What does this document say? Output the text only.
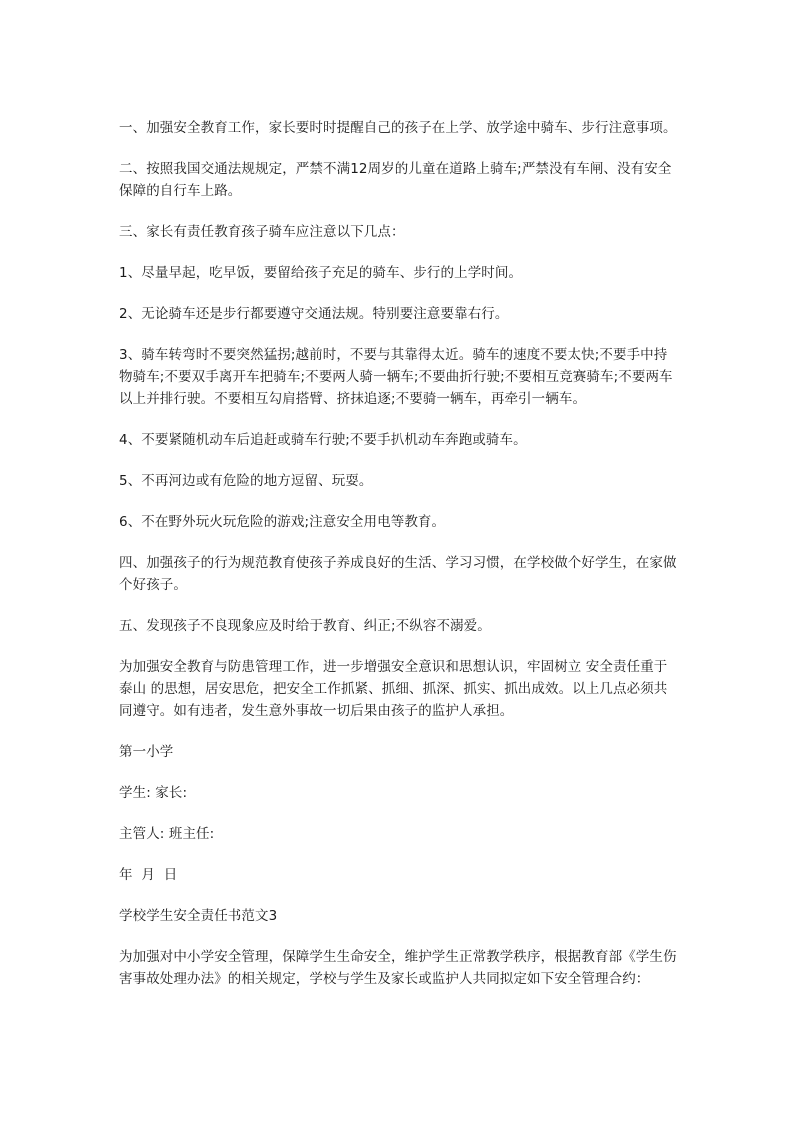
一、加强安全教育工作，家长要时时提醒自己的孩子在上学、放学途中骑车、步行注意事项。

二、按照我国交通法规规定，严禁不满12周岁的儿童在道路上骑车;严禁没有车闸、没有安全保障的自行车上路。

三、家长有责任教育孩子骑车应注意以下几点：

1、尽量早起，吃早饭，要留给孩子充足的骑车、步行的上学时间。

2、无论骑车还是步行都要遵守交通法规。特别要注意要靠右行。

3、骑车转弯时不要突然猛拐;越前时，不要与其靠得太近。骑车的速度不要太快;不要手中持物骑车;不要双手离开车把骑车;不要两人骑一辆车;不要曲折行驶;不要相互竞赛骑车;不要两车以上并排行驶。不要相互勾肩搭臂、挤抹追逐;不要骑一辆车，再牵引一辆车。

4、不要紧随机动车后追赶或骑车行驶;不要手扒机动车奔跑或骑车。

5、不再河边或有危险的地方逗留、玩耍。

6、不在野外玩火玩危险的游戏;注意安全用电等教育。

四、加强孩子的行为规范教育使孩子养成良好的生活、学习习惯，在学校做个好学生，在家做个好孩子。

五、发现孩子不良现象应及时给于教育、纠正;不纵容不溺爱。

为加强安全教育与防患管理工作，进一步增强安全意识和思想认识，牢固树立 安全责任重于泰山 的思想，居安思危，把安全工作抓紧、抓细、抓深、抓实、抓出成效。以上几点必须共同遵守。如有违者，发生意外事故一切后果由孩子的监护人承担。

第一小学

学生: 家长:

主管人: 班主任:

年  月  日

学校学生安全责任书范文3

为加强对中小学安全管理，保障学生生命安全，维护学生正常教学秩序，根据教育部《学生伤害事故处理办法》的相关规定，学校与学生及家长或监护人共同拟定如下安全管理合约：
